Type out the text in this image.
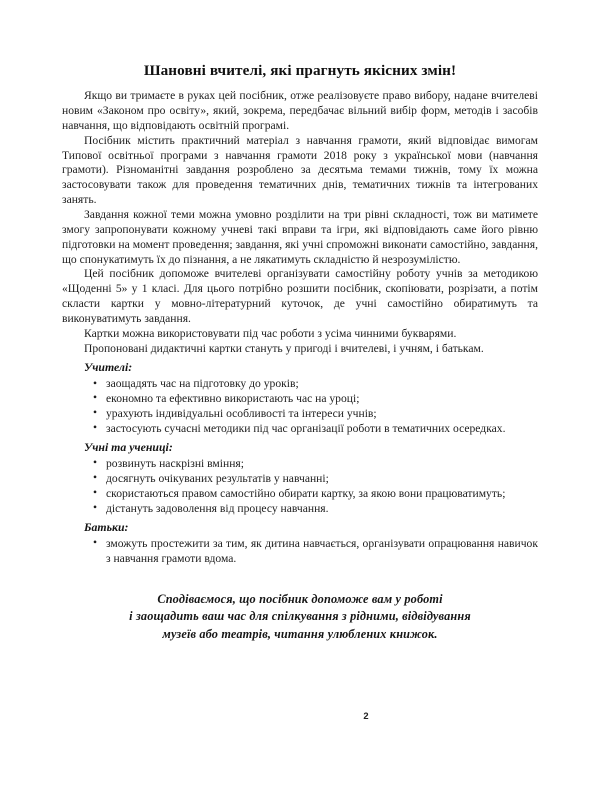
Шановні вчителі, які прагнуть якісних змін!

Якщо ви тримаєте в руках цей посібник, отже реалізовуєте право вибору, надане вчителеві новим «Законом про освіту», який, зокрема, передбачає вільний вибір форм, методів і засобів навчання, що відповідають освітній програмі.

Посібник містить практичний матеріал з навчання грамоти, який відповідає вимогам Типової освітньої програми з навчання грамоти 2018 року з української мови (навчання грамоти). Різноманітні завдання розроблено за десятьма темами тижнів, тому їх можна застосовувати також для проведення тематичних днів, тематичних тижнів та інтегрованих занять.

Завдання кожної теми можна умовно розділити на три рівні складності, тож ви матимете змогу запропонувати кожному учневі такі вправи та ігри, які відповідають саме його рівню підготовки на момент проведення; завдання, які учні спроможні виконати самостійно, завдання, що спонукатимуть їх до пізнання, а не лякатимуть складністю й незрозумілістю.

Цей посібник допоможе вчителеві організувати самостійну роботу учнів за методикою «Щоденні 5» у 1 класі. Для цього потрібно розшити посібник, скопіювати, розрізати, а потім скласти картки у мовно-літературний куточок, де учні самостійно обиратимуть та виконуватимуть завдання.

Картки можна використовувати під час роботи з усіма чинними букварями.

Пропоновані дидактичні картки стануть у пригоді і вчителеві, і учням, і батькам.

Учителі:
• заощадять час на підготовку до уроків;
• економно та ефективно використають час на уроці;
• урахують індивідуальні особливості та інтереси учнів;
• застосують сучасні методики під час організації роботи в тематичних осередках.
Учні та учениці:
• розвинуть наскрізні вміння;
• досягнуть очікуваних результатів у навчанні;
• скористаються правом самостійно обирати картку, за якою вони працюватимуть;
• дістануть задоволення від процесу навчання.
Батьки:
• зможуть простежити за тим, як дитина навчається, організувати опрацювання навичок з навчання грамоти вдома.
Сподіваємося, що посібник допоможе вам у роботі
і заощадить ваш час для спілкування з рідними, відвідування
музеїв або театрів, читання улюблених книжок.
2
